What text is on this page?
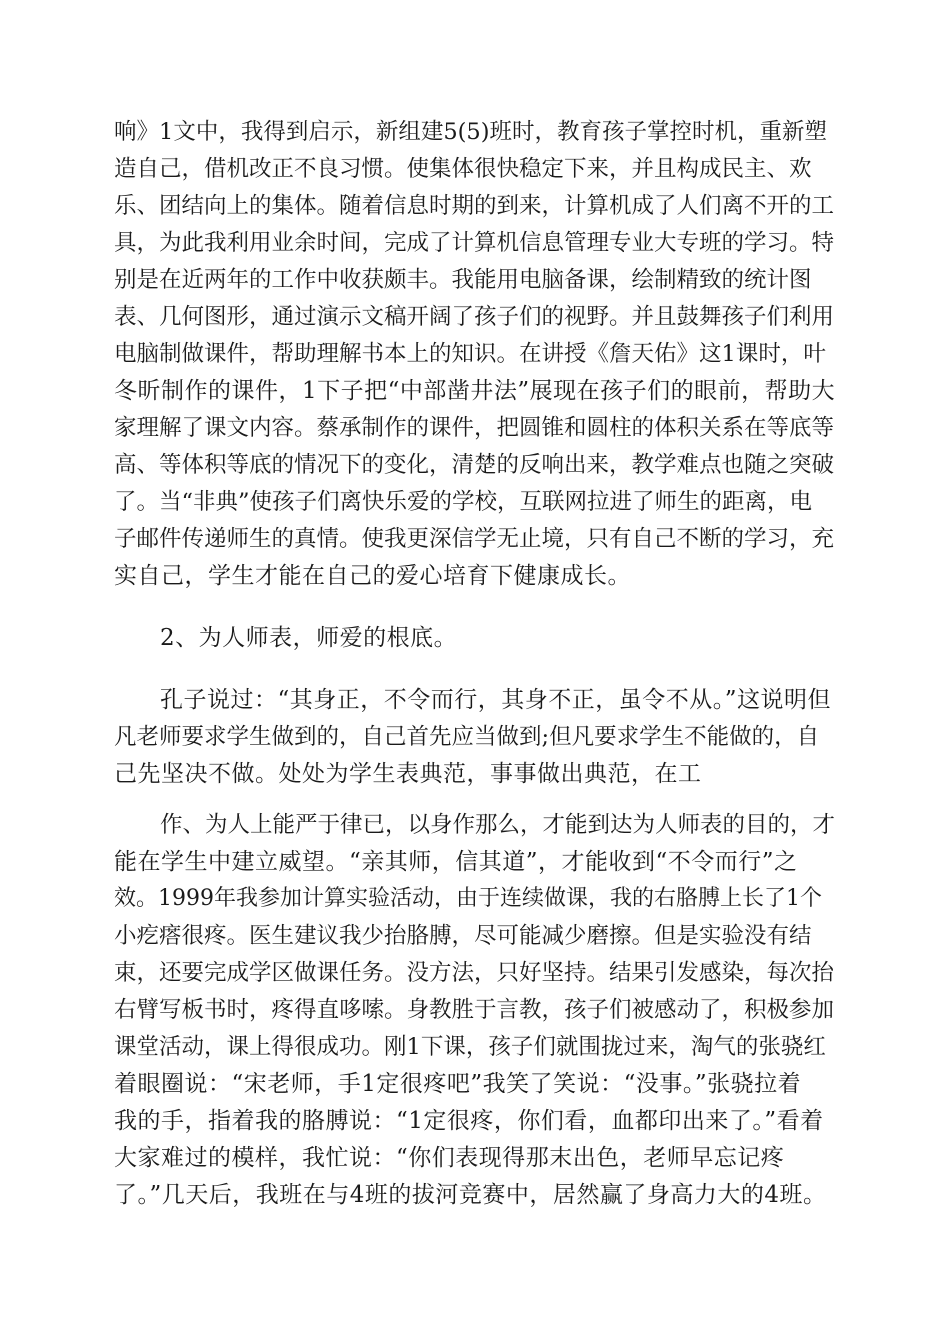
响》1文中，我得到启示，新组建5(5)班时，教育孩子掌控时机，重新塑
造自己，借机改正不良习惯。使集体很快稳定下来，并且构成民主、欢
乐、团结向上的集体。随着信息时期的到来，计算机成了人们离不开的工
具，为此我利用业余时间，完成了计算机信息管理专业大专班的学习。特
别是在近两年的工作中收获颇丰。我能用电脑备课，绘制精致的统计图
表、几何图形，通过演示文稿开阔了孩子们的视野。并且鼓舞孩子们利用
电脑制做课件，帮助理解书本上的知识。在讲授《詹天佑》这1课时，叶
冬昕制作的课件，1下子把“中部凿井法”展现在孩子们的眼前，帮助大
家理解了课文内容。蔡承制作的课件，把圆锥和圆柱的体积关系在等底等
高、等体积等底的情况下的变化，清楚的反响出来，教学难点也随之突破
了。当“非典”使孩子们离快乐爱的学校，互联网拉进了师生的距离，电
子邮件传递师生的真情。使我更深信学无止境，只有自己不断的学习，充
实自己，学生才能在自己的爱心培育下健康成长。
2、为人师表，师爱的根底。
孔子说过：“其身正，不令而行，其身不正，虽令不从。”这说明但
凡老师要求学生做到的，自己首先应当做到;但凡要求学生不能做的，自
己先坚决不做。处处为学生表典范，事事做出典范，在工
作、为人上能严于律已，以身作那么，才能到达为人师表的目的，才
能在学生中建立威望。“亲其师，信其道”，才能收到“不令而行”之
效。1999年我参加计算实验活动，由于连续做课，我的右胳膊上长了1个
小疙瘩很疼。医生建议我少抬胳膊，尽可能减少磨擦。但是实验没有结
束，还要完成学区做课任务。没方法，只好坚持。结果引发感染，每次抬
右臂写板书时，疼得直哆嗦。身教胜于言教，孩子们被感动了，积极参加
课堂活动，课上得很成功。刚1下课，孩子们就围拢过来，淘气的张骁红
着眼圈说：“宋老师，手1定很疼吧”我笑了笑说：“没事。”张骁拉着
我的手，指着我的胳膊说：“1定很疼，你们看，血都印出来了。”看着
大家难过的模样，我忙说：“你们表现得那末出色，老师早忘记疼
了。”几天后，我班在与4班的拔河竞赛中，居然赢了身高力大的4班。
